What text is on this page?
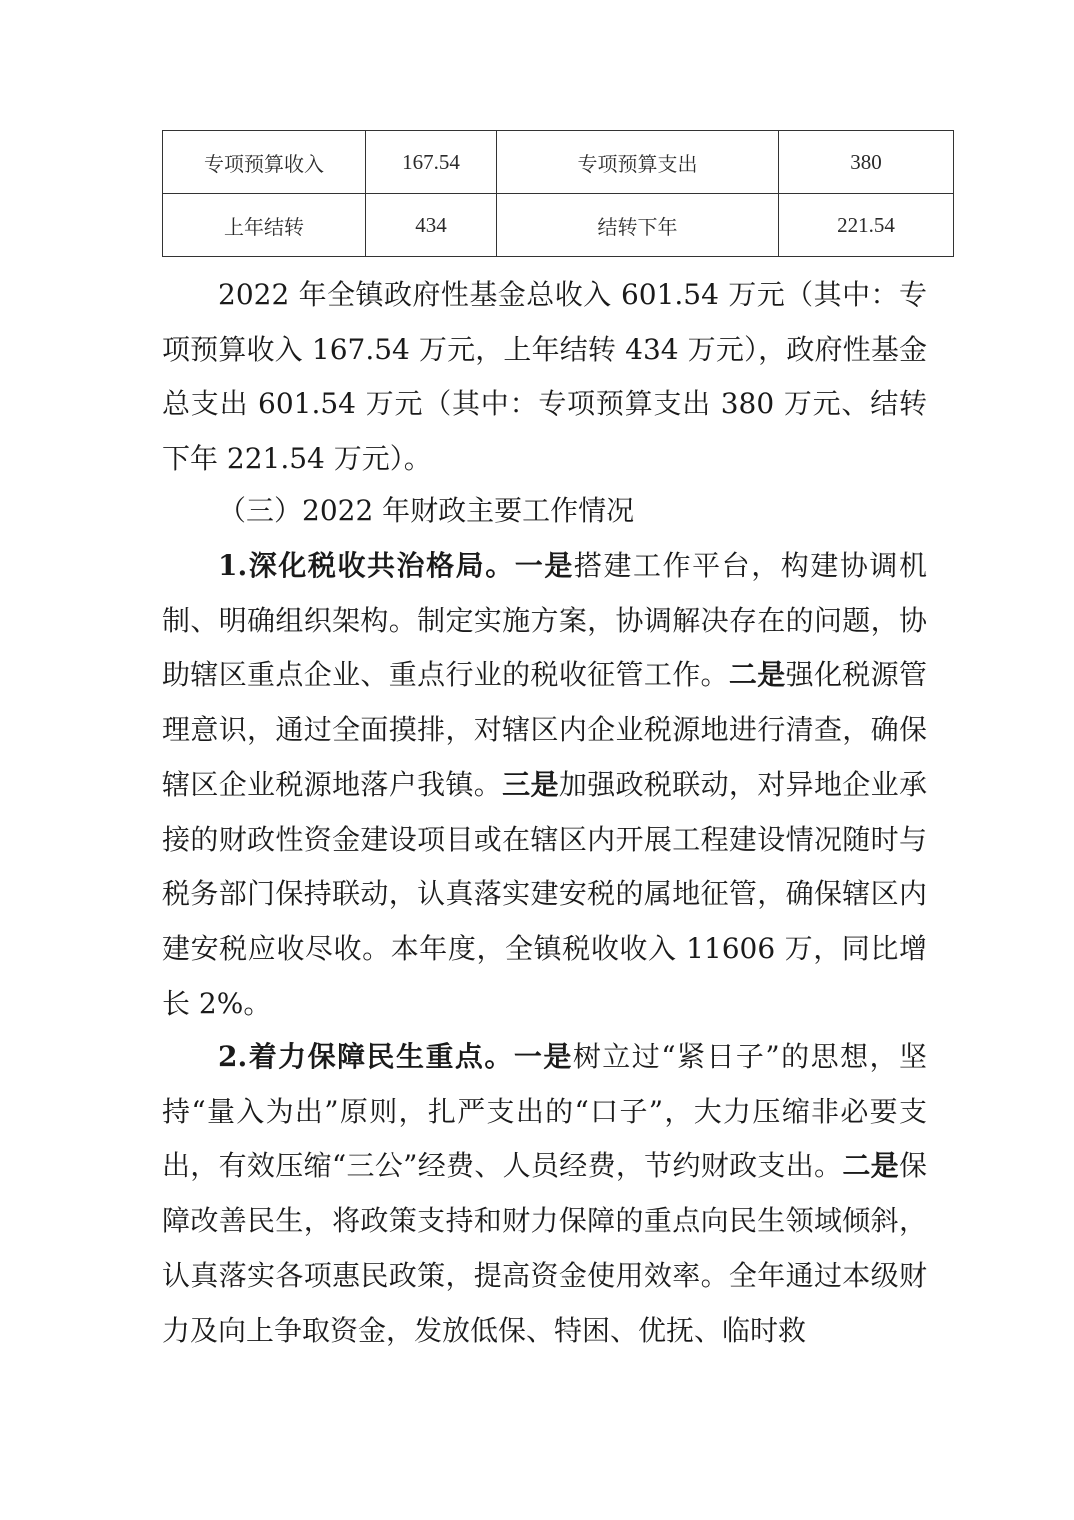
专项预算收入	167.54	专项预算支出	380
上年结转	434	结转下年	221.54

2022 年全镇政府性基金总收入 601.54 万元（其中：专项预算收入 167.54 万元，上年结转 434 万元），政府性基金总支出 601.54 万元（其中：专项预算支出 380 万元、结转下年 221.54 万元）。

（三）2022 年财政主要工作情况

1.深化税收共治格局。一是搭建工作平台，构建协调机制、明确组织架构。制定实施方案，协调解决存在的问题，协助辖区重点企业、重点行业的税收征管工作。二是强化税源管理意识，通过全面摸排，对辖区内企业税源地进行清查，确保辖区企业税源地落户我镇。三是加强政税联动，对异地企业承接的财政性资金建设项目或在辖区内开展工程建设情况随时与税务部门保持联动，认真落实建安税的属地征管，确保辖区内建安税应收尽收。本年度，全镇税收收入 11606 万，同比增长 2%。

2.着力保障民生重点。一是树立过“紧日子”的思想，坚持“量入为出”原则，扎严支出的“口子”，大力压缩非必要支出，有效压缩“三公”经费、人员经费，节约财政支出。二是保障改善民生，将政策支持和财力保障的重点向民生领域倾斜，认真落实各项惠民政策，提高资金使用效率。全年通过本级财力及向上争取资金，发放低保、特困、优抚、临时救
